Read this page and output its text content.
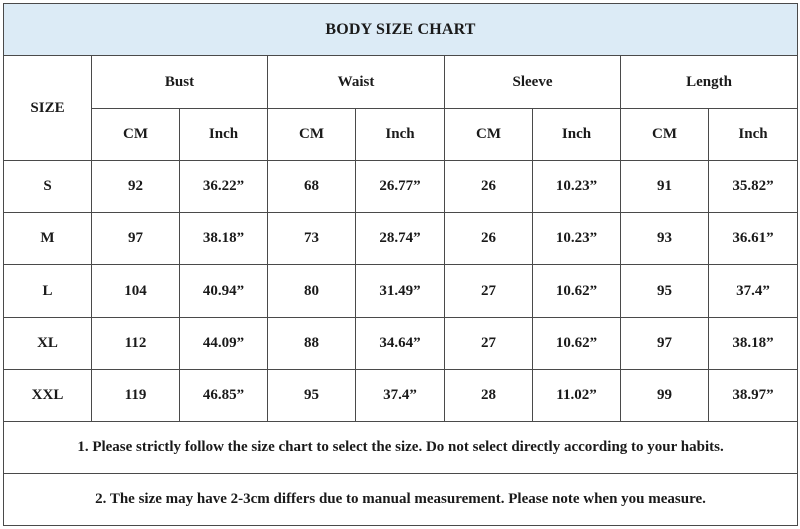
BODY SIZE CHART								
SIZE	Bust		Waist		Sleeve		Length	
	CM	Inch	CM	Inch	CM	Inch	CM	Inch
S	92	36.22”	68	26.77”	26	10.23”	91	35.82”
M	97	38.18”	73	28.74”	26	10.23”	93	36.61”
L	104	40.94”	80	31.49”	27	10.62”	95	37.4”
XL	112	44.09”	88	34.64”	27	10.62”	97	38.18”
XXL	119	46.85”	95	37.4”	28	11.02”	99	38.97”
1. Please strictly follow the size chart to select the size. Do not select directly according to your habits.								
2. The size may have 2-3cm differs due to manual measurement. Please note when you measure.								
